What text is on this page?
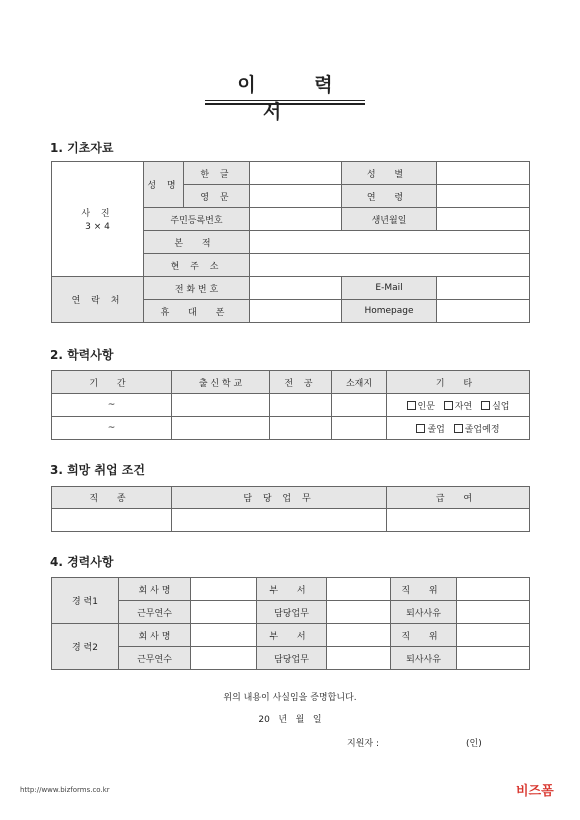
이 력 서
1. 기초자료
사 진
3 × 4	성 명	한 글		성 별	
		영 문		연 령	
	주민등록번호			생년월일	
	본 적				
	현 주 소				
연 락 처	전 화 번 호			E-Mail	
	휴 대 폰			Homepage	
2. 학력사항
기 간	출 신 학 교	전 공	소재지	기 타
~				인문 자연 실업
~				졸업 졸업예정
3. 희망 취업 조건
직 종	담 당 업 무	급 여

4. 경력사항
경 력1	회 사 명		부 서		직 위	
	근무연수		담당업무		퇴사사유	
경 력2	회 사 명		부 서		직 위	
	근무연수		담당업무		퇴사사유	
위의 내용이 사실임을 증명합니다.
20   년   월   일
지원자 :	(인)
http://www.bizforms.co.kr	비즈폼
